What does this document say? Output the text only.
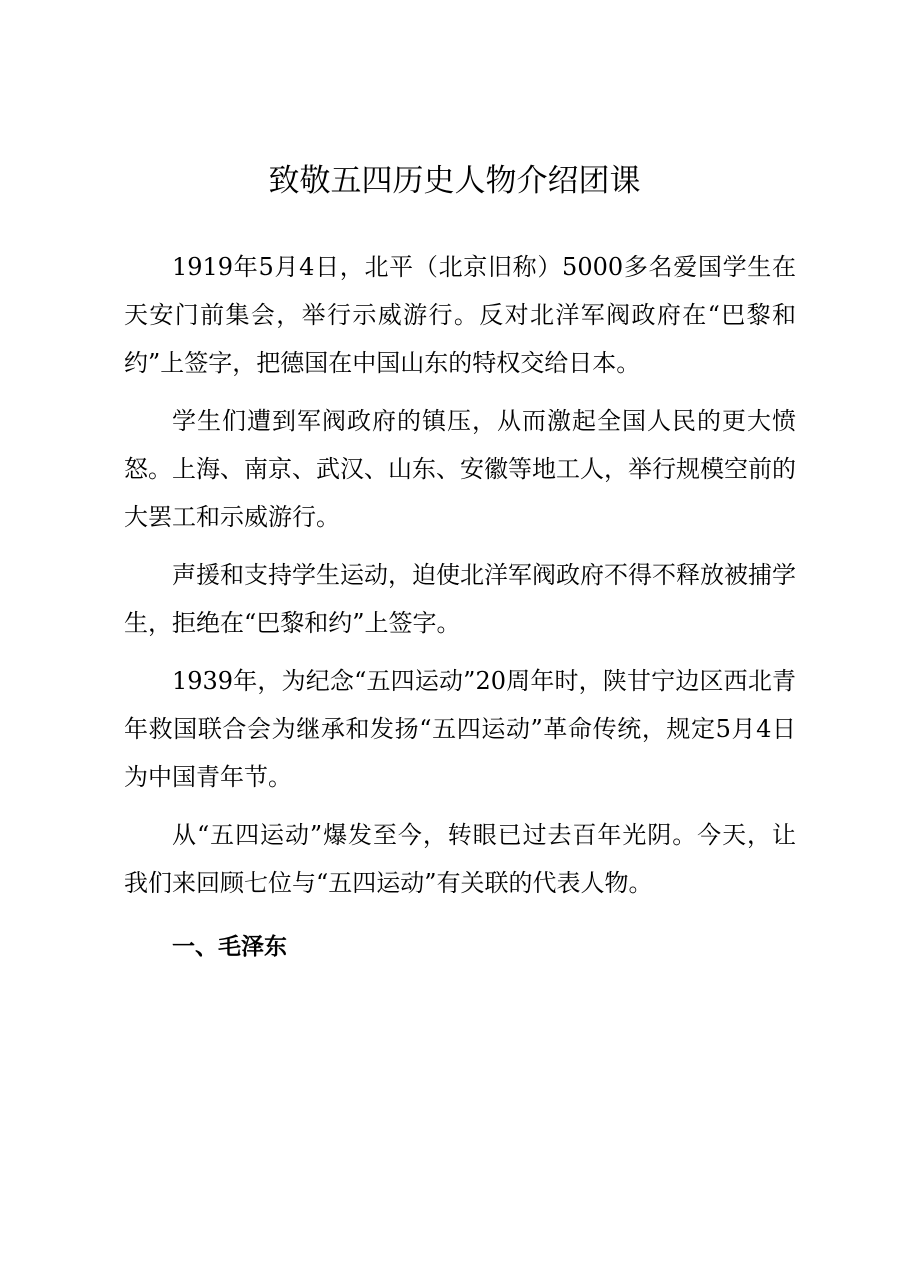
致敬五四历史人物介绍团课

1919年5月4日，北平（北京旧称）5000多名爱国学生在天安门前集会，举行示威游行。反对北洋军阀政府在“巴黎和约”上签字，把德国在中国山东的特权交给日本。

学生们遭到军阀政府的镇压，从而激起全国人民的更大愤怒。上海、南京、武汉、山东、安徽等地工人，举行规模空前的大罢工和示威游行。

声援和支持学生运动，迫使北洋军阀政府不得不释放被捕学生，拒绝在“巴黎和约”上签字。

1939年，为纪念“五四运动”20周年时，陕甘宁边区西北青年救国联合会为继承和发扬“五四运动”革命传统，规定5月4日为中国青年节。

从“五四运动”爆发至今，转眼已过去百年光阴。今天，让我们来回顾七位与“五四运动”有关联的代表人物。

一、毛泽东
